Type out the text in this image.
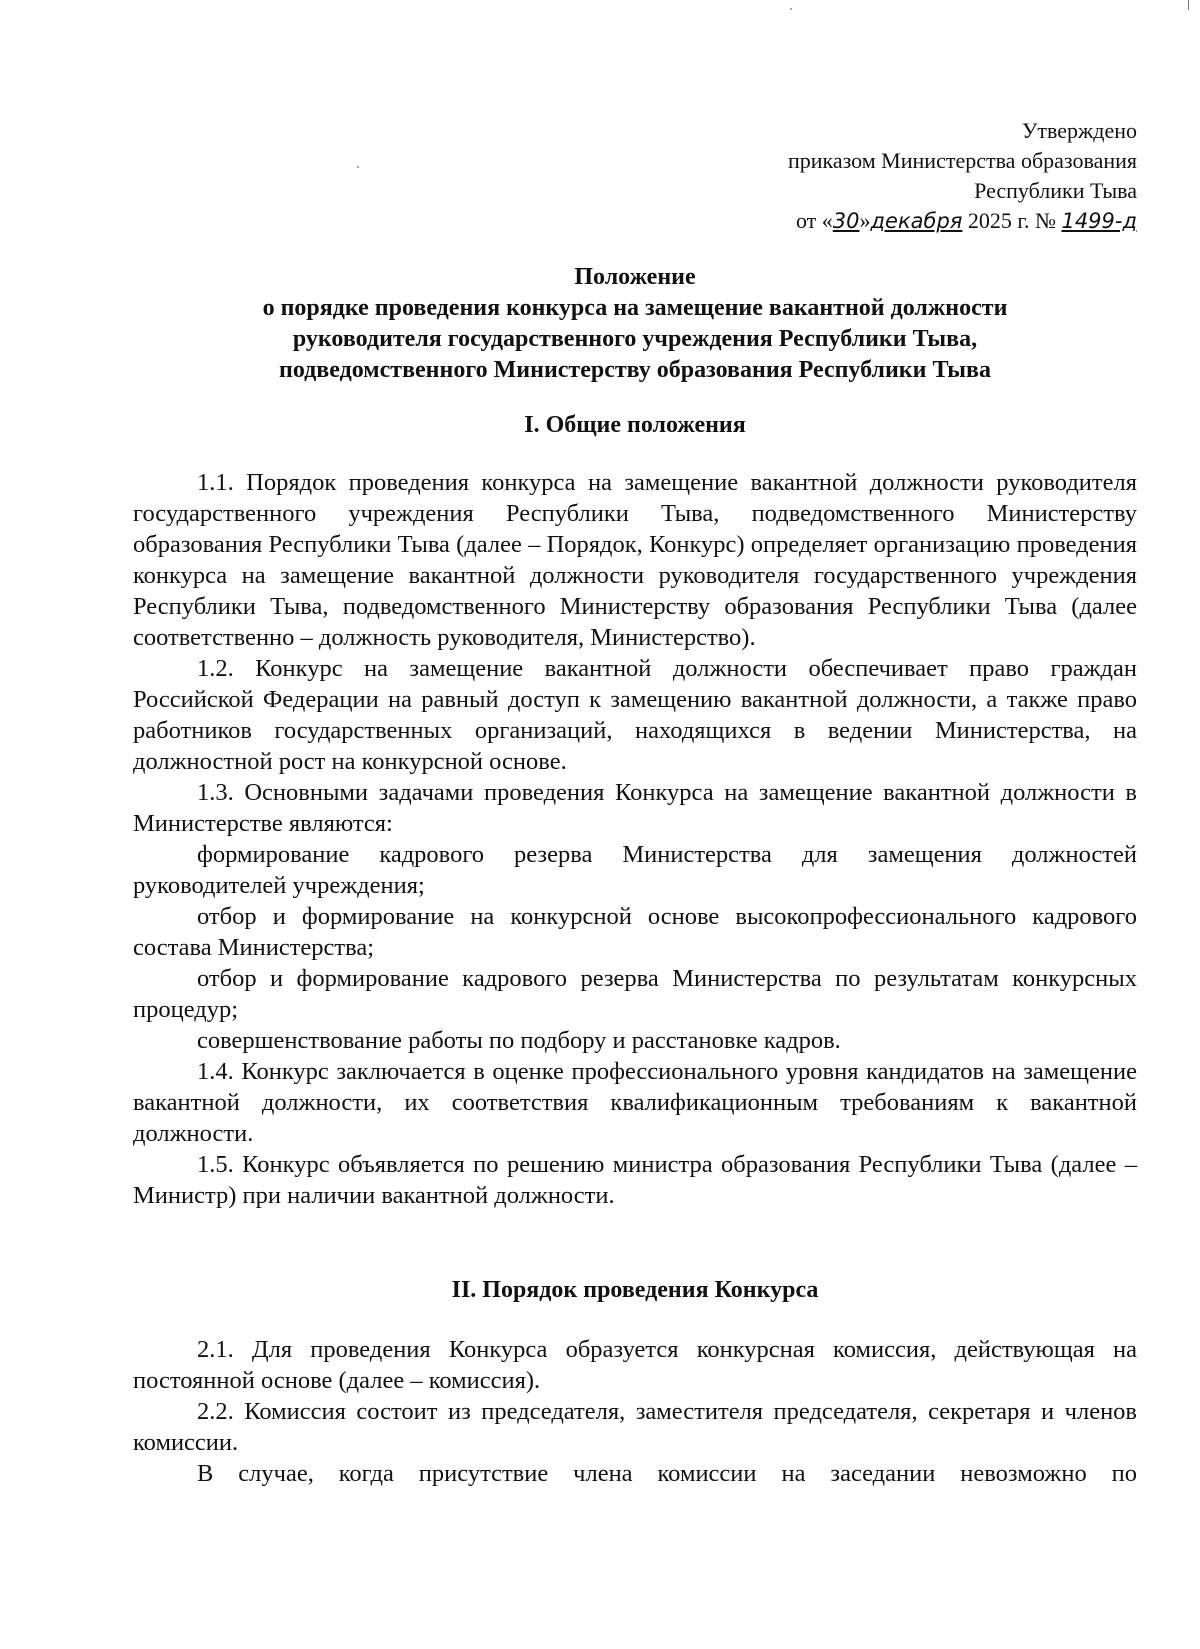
Утверждено
приказом Министерства образования
Республики Тыва
от «30»декабря 2025 г. № 1499-д
Положение
о порядке проведения конкурса на замещение вакантной должности
руководителя государственного учреждения Республики Тыва,
подведомственного Министерству образования Республики Тыва
I. Общие положения

1.1. Порядок проведения конкурса на замещение вакантной должности руководителя государственного учреждения Республики Тыва, подведомственного Министерству образования Республики Тыва (далее – Порядок, Конкурс) определяет организацию проведения конкурса на замещение вакантной должности руководителя государственного учреждения Республики Тыва, подведомственного Министерству образования Республики Тыва (далее соответственно – должность руководителя, Министерство).

1.2. Конкурс на замещение вакантной должности обеспечивает право граждан Российской Федерации на равный доступ к замещению вакантной должности, а также право работников государственных организаций, находящихся в ведении Министерства, на должностной рост на конкурсной основе.

1.3. Основными задачами проведения Конкурса на замещение вакантной должности в Министерстве являются:

формирование кадрового резерва Министерства для замещения должностей руководителей учреждения;

отбор и формирование на конкурсной основе высокопрофессионального кадрового состава Министерства;

отбор и формирование кадрового резерва Министерства по результатам конкурсных процедур;

совершенствование работы по подбору и расстановке кадров.

1.4. Конкурс заключается в оценке профессионального уровня кандидатов на замещение вакантной должности, их соответствия квалификационным требованиям к вакантной должности.

1.5. Конкурс объявляется по решению министра образования Республики Тыва (далее – Министр) при наличии вакантной должности.

II. Порядок проведения Конкурса

2.1. Для проведения Конкурса образуется конкурсная комиссия, действующая на постоянной основе (далее – комиссия).

2.2. Комиссия состоит из председателя, заместителя председателя, секретаря и членов комиссии.

В случае, когда присутствие члена комиссии на заседании невозможно по
